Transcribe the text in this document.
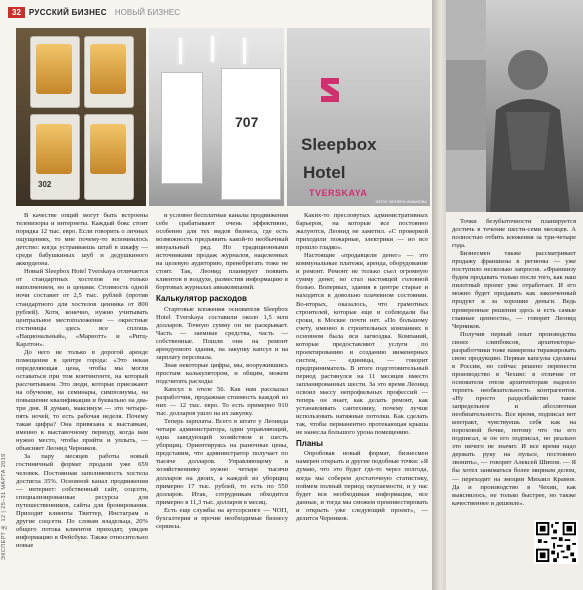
32	РУССКИЙ БИЗНЕС НОВЫЙ БИЗНЕС
ЭКСПЕРТ № 12 | 25–31 МАРТА 2019
302
707
Sleepbox
Hotel
TVERSKAYA
ФОТО: ВЕНЕРА ИМАМОВА

В качестве опций могут быть встроены телевизоры и интернеты. Каждый бокс стоит порядка 12 тыс. евро. Если говорить о личных ощущениях, то мне почему-то вспомнилось детство: когда устраиваешь штаб в шкафу — среди бабушкиных шуб и дедушкиного аккордеона.

Новый Sleepbox Hotel Tverskaya отличается от стандартных хостелов не только наполнением, но и ценами. Стоимость одной ночи составит от 2,5 тыс. рублей (против стандартного для хостелов ценника от 800 рублей). Хотя, конечно, нужно учитывать центральное местоположение — окрестные гостиницы здесь все сплошь «Национальный», «Мариотт» и «Ритц-Карлтон».

До него не только в дорогой аренде помещения в центре города: «Это некая определяющая цена, чтобы мы могли оставаться при том контингенте, на который рассчитываем. Это люди, которые приезжают на обучение, на семинары, симпозиумы, на повышение квалификации и буквально на два-три дня. Я думаю, максимум — это четыре-пять ночей, то есть рабочая неделя. Почему такая цифра? Она привязана к выставкам, именно к выставочному периоду, когда вам нужно место, чтобы прийти и уплыть, — объясняет Леонид Черников.

За пару месяцев работы новый гостиничный формат продали уже 659 человек. Постоянная заполняемость хостела достигла 35%. Основной канал продвижения — интернет: собственный сайт, соцсети, специализированные ресурсы для путешественников, сайты для бронирования. Приходят клиенты Твиттер, Инстаграм и другие соцсети. По словам владельца, 20% общего потока клиентов приходят, увидев информацию в Фейсбуке. Также относительно новые

и условно бесплатные каналы продвижения себе срабатывают очень эффективно, особенно для тех видов бизнеса, где есть возможность предъявить какой-то необычный визуальный ряд. Но традиционными источниками продаж журналов, нацеленных на целевую аудиторию, пренебрегать тоже не стоит. Так, Леонид планирует появить клиентов в воздухе, разместив информацию в бортовых журналах авиакомпаний.

Калькулятор расходов

Стартовые вложения основателя Sleepbox Hotel Tverskaya составили около 1,5 млн долларов. Точную сумму он не раскрывает. Часть — заемные средства, часть — собственные. Пошли они на ремонт арендуемого здания, на закупку капсул и на зарплату персонала.

Зная некоторые цифры, мы, вооружившись простым калькулятором, и общим, можем подсчитать расходы:

Капсул в отеле 56. Как нам рассказал разработчик, продажная стоимость каждой из них — 12 тыс. евро. То есть примерно 910 тыс. долларов ушло на их закупку.

Теперь зарплаты. Всего в штате у Леонида четыре администратора, один управляющий, одна заведующий хозяйством и шесть уборщиц. Ориентируясь на рыночные цены, представим, что администратор получает по тысяче долларов. Управляющему и хозяйственнику нужно четыре тысячи долларов на двоих, а каждой из уборщиц примерно 17 тыс. рублей, то есть по 550 долларов. Итак, сотрудникам обходится примерно в 11,3 тыс. долларов в месяц.

Есть еще службы на аутсорсинге — ЧОП, бухгалтерия и прочие необходимые бизнесу сервисы.

Каких-то преслoвутых административных барьеров, на которые все постоянно жалуются, Леонид не заметил. «С проверкой приходили пожарные, электрики — но все прошло гладко».

Настоящие «продавцели денег» — это коммунальные платежи, аренда, оборудование и ремонт. Ремонт не только съел огромную сумму денег, но стал настоящей головной болью. Вопервых, здания в центре старые и находятся в довольно плачевном состоянии. Во-вторых, оказалось, что грамотных строителей, которые еще и соблюдали бы сроки, в Москве почти нет. «По большому счету, именно в строительных компаниях в основном была вся загвоздка. Компаний, которые предоставляют услуги по проектированию и созданию инженерных систем, — единицы, — говорит предприниматель. В итоге подготовительный период растянулся на 11 месяцев вместо запланированных шести. За это время Леонид освоил массу непрофильных профессий — теперь он знает, как делать ремонт, как устанавливать сантехнику, почему лучше использовать натяжные потолки. Как сделать так, чтобы перманентно протекающая крыша не нанесла большого урона помещению.

Планы

Опробовав новый формат, бизнесмен намерен открыть и другие подобные точки: «Я думаю, что это будет где-то через полгода, когда мы соберем достаточную статистику, поймем полный период окупаемости, и у нас будет вся необходимая информация, все данные, и тогда мы сможем проинвестировать и открыть уже следующий проект», — делится Черников.

Точки безубыточности планируется достичь в течение шести-семи месяцев. А полностью отбить вложения за три-четыре года.

Бизнесмен также рассматривает продажу франшизы в регионы — уже поступило несколько запросов. «Франшизу будем продавать только после того, как наш пилотный проект уже отработает. И его можно будет продавать как законченный продукт и за хорошие деньги. Ведь проверенные решения здесь и есть самые главные ценности», — говорит Леонид Черников.

Получив первый опыт производства своих слипбоксов, архитекторы-разработчики тоже намерены тиражировать свою продукцию. Первые капсулы сделаны в России, но сейчас решено перенести производство в Чехию: в отличие от основателя отеля архитекторам надоело терпеть необязательность контрагентов. «Ну просто раздолбайство такое запредельное и абсолютная необязательность. Все время, подписал вот контракт, чувствуешь себя как на пороховой бочке, потому что ты его подписал, и он его подписал, но реально это ничего не значит. И все время надо держать руку на пульсе, постоянно звонить», — говорит Алексей Шипов. — Я бы хотел заниматься более мирным делом, — переходит на эмоции Михаил Крамов. Да и производство в Чехии, как выяснилось, не только быстрее, но также качественнее и дешевле».
